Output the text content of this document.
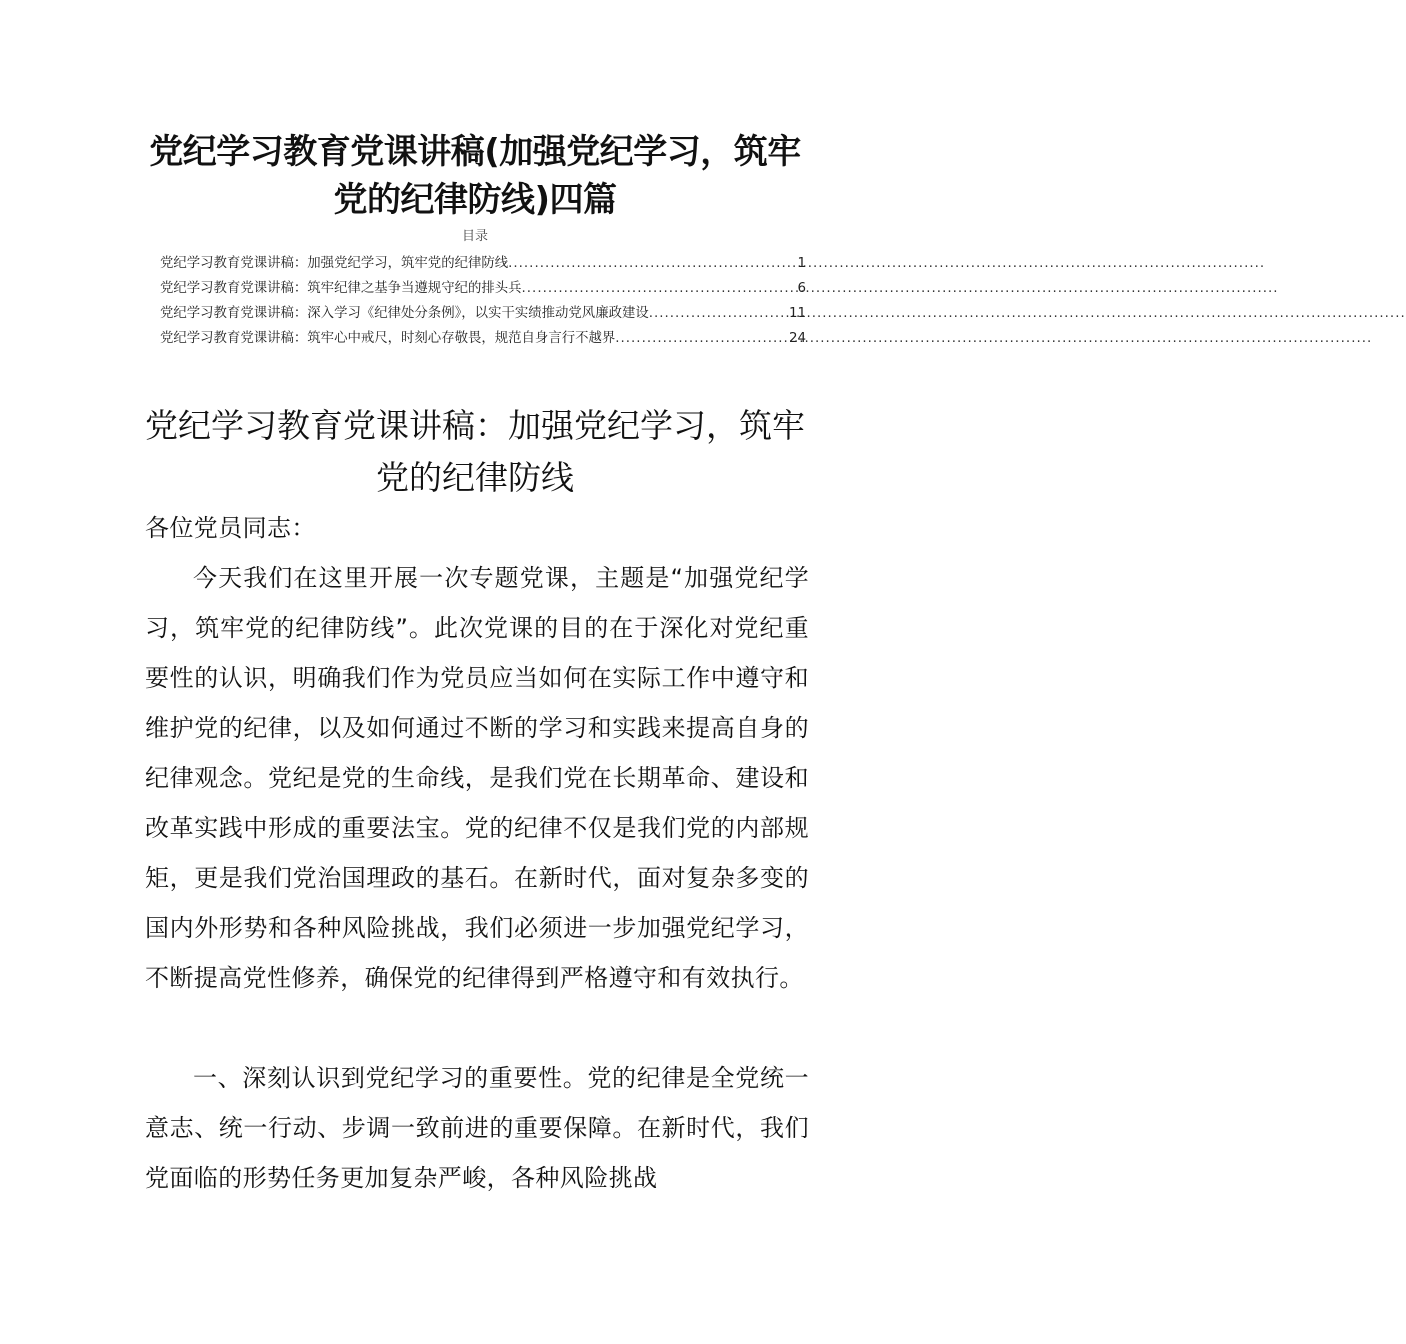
党纪学习教育党课讲稿(加强党纪学习，筑牢党的纪律防线)四篇
目录
党纪学习教育党课讲稿：加强党纪学习，筑牢党的纪律防线 .....	1
党纪学习教育党课讲稿：筑牢纪律之基争当遵规守纪的排头兵 .....	6
党纪学习教育党课讲稿：深入学习《纪律处分条例》，以实干实绩推动党风廉政建设 .....	11
党纪学习教育党课讲稿：筑牢心中戒尺，时刻心存敬畏，规范自身言行不越界 .....	24
党纪学习教育党课讲稿：加强党纪学习，筑牢党的纪律防线

各位党员同志：

今天我们在这里开展一次专题党课，主题是“加强党纪学习，筑牢党的纪律防线”。此次党课的目的在于深化对党纪重要性的认识，明确我们作为党员应当如何在实际工作中遵守和维护党的纪律，以及如何通过不断的学习和实践来提高自身的纪律观念。党纪是党的生命线，是我们党在长期革命、建设和改革实践中形成的重要法宝。党的纪律不仅是我们党的内部规矩，更是我们党治国理政的基石。在新时代，面对复杂多变的国内外形势和各种风险挑战，我们必须进一步加强党纪学习，不断提高党性修养，确保党的纪律得到严格遵守和有效执行。

一、深刻认识到党纪学习的重要性。党的纪律是全党统一意志、统一行动、步调一致前进的重要保障。在新时代，我们党面临的形势任务更加复杂严峻，各种风险挑战
